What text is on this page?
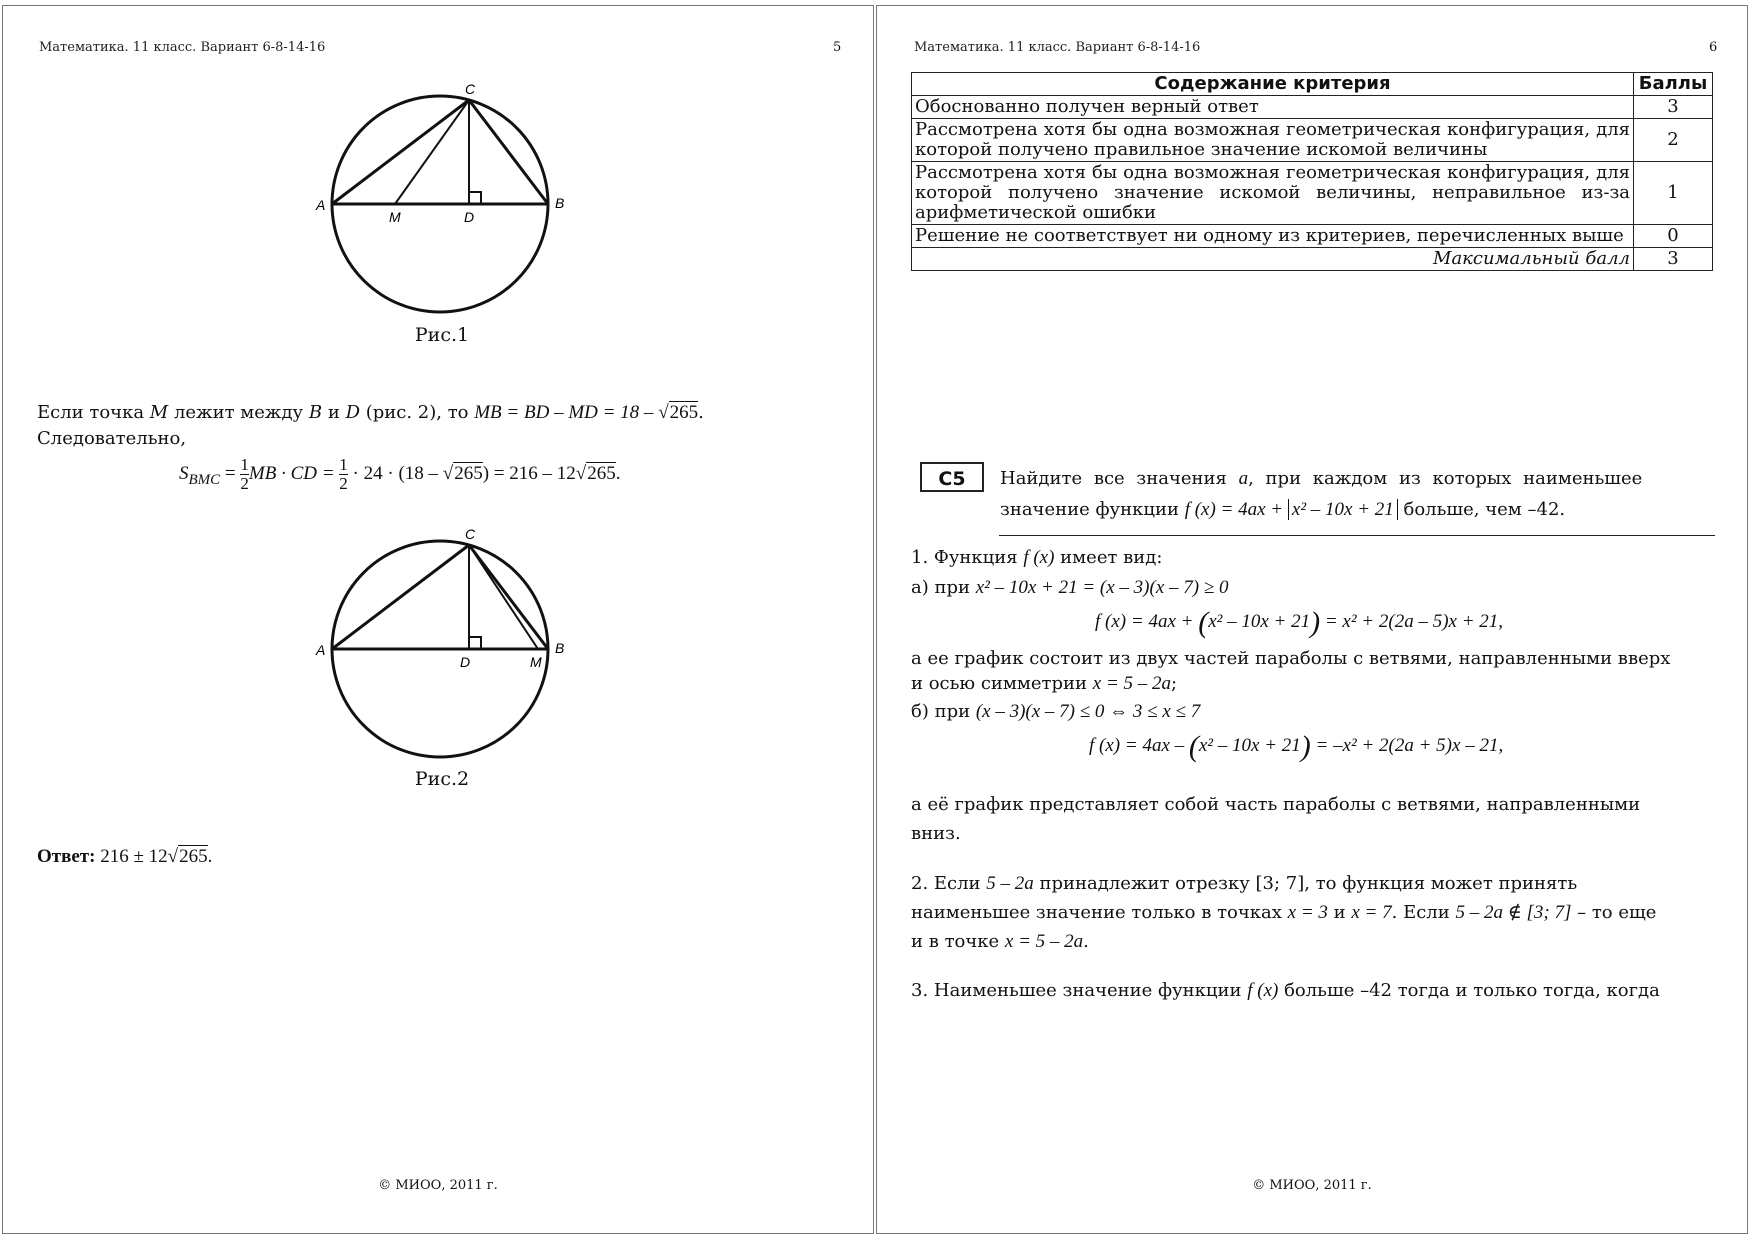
Математика. 11 класс. Вариант 6-8-14-16	5
C
A
M	D
B
Рис.1
Если точка M лежит между B и D (рис. 2), то MB = BD – MD = 18 – √265.
Следовательно,
$S_{BMC} = \frac{1}{2}$ MB · CD = $\frac{1}{2} \cdot 24 \cdot (18 - √265) = 216 - 12√265$.
C
A
D	M
B
Рис.2
Ответ: 216 ± 12√265.
© МИОО, 2011 г.
Математика. 11 класс. Вариант 6-8-14-16	6
Содержание критерия	Баллы
Обоснованно получен верный ответ	3
Рассмотрена хотя бы одна возможная геометрическая конфигурация, для которой получено правильное значение искомой величины	2
Рассмотрена хотя бы одна возможная геометрическая конфигурация, для которой получено значение искомой величины, неправильное из-за арифметической ошибки	1
Решение не соответствует ни одному из критериев, перечисленных выше	0
Максимальный балл	3
C5	Найдите все значения a, при каждом из которых наименьшее
значение функции f (x) = 4ax + x² – 10x + 21 больше, чем –42.
1. Функция f (x) имеет вид:
а) при x² – 10x + 21 = (x – 3)(x – 7) ≥ 0
f (x) = 4ax + (x² – 10x + 21) = x² + 2(2a – 5)x + 21,
а ее график состоит из двух частей параболы с ветвями, направленными вверх
и осью симметрии x = 5 – 2a;
б) при (x – 3)(x – 7) ≤ 0 ⇔ 3 ≤ x ≤ 7
f (x) = 4ax – (x² – 10x + 21) = –x² + 2(2a + 5)x – 21,
а её график представляет собой часть параболы с ветвями, направленными
вниз.
2. Если 5 – 2a принадлежит отрезку [3; 7], то функция может принять
наименьшее значение только в точках x = 3 и x = 7. Если 5 – 2a ∉ [3; 7] – то еще
и в точке x = 5 – 2a.
3. Наименьшее значение функции f (x) больше –42 тогда и только тогда, когда
© МИОО, 2011 г.
